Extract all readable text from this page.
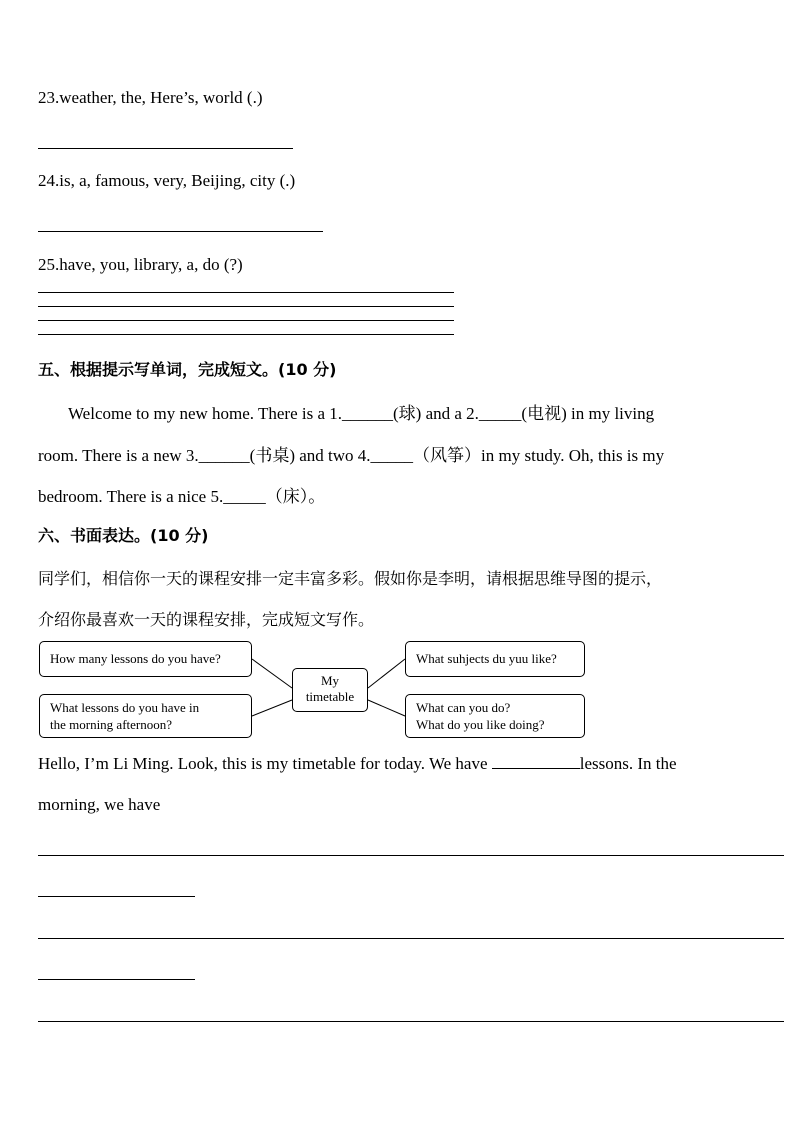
23.weather, the, Here’s, world (.)
24.is, a, famous, very, Beijing, city (.)
25.have, you, library, a, do (?)
五、根据提示写单词，完成短文。(10 分)
Welcome to my new home. There is a 1.______(球) and a 2._____(电视) in my living
room. There is a new 3.______(书桌) and two 4._____（风筝）in my study. Oh, this is my
bedroom. There is a nice 5._____（床）。
六、书面表达。(10 分)
同学们，相信你一天的课程安排一定丰富多彩。假如你是李明，请根据思维导图的提示，
介绍你最喜欢一天的课程安排，完成短文写作。
How many lessons do you have?
What lessons do you have in
the morning afternoon?
My
timetable
What suhjects du yuu like?
What can you do?
What do you like doing?
Hello, I’m Li Ming. Look, this is my timetable for today. We have	lessons. In the
morning, we have
